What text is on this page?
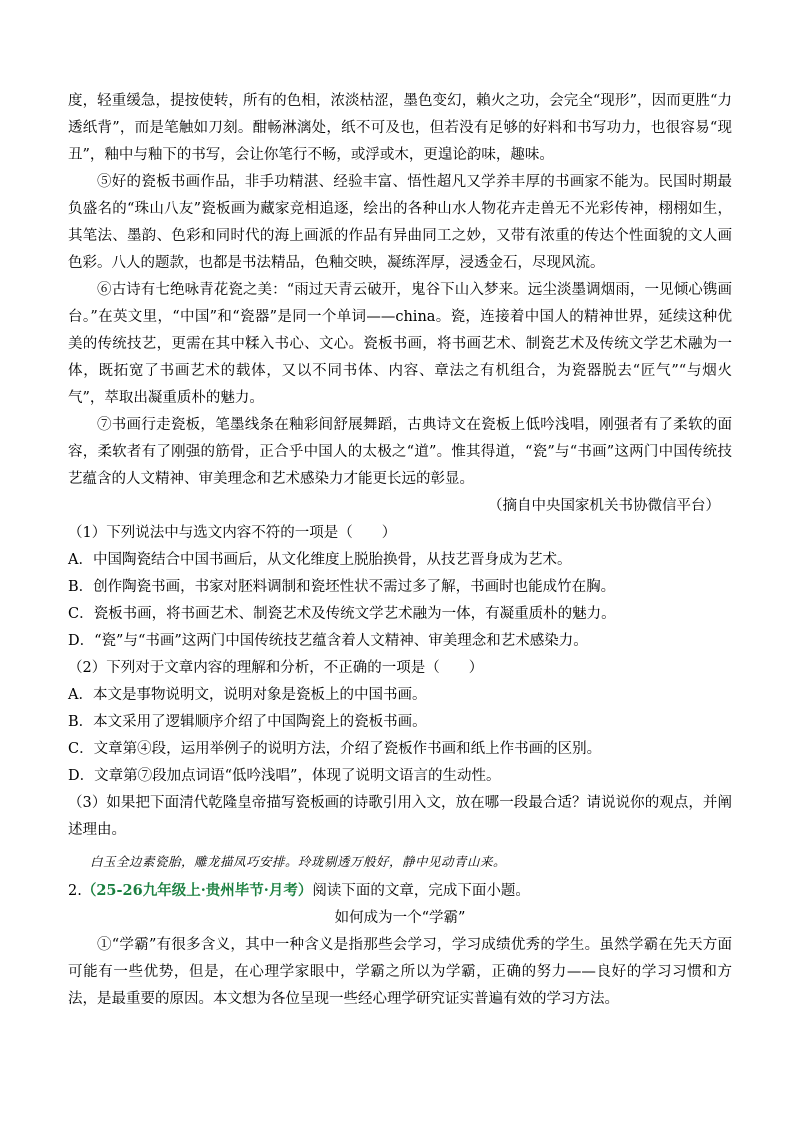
度，轻重缓急，提按使转，所有的色相，浓淡枯涩，墨色变幻，賴火之功，会完全“现形”，因而更胜“力透纸背”，而是笔触如刀刻。酣畅淋漓处，纸不可及也，但若没有足够的好料和书写功力，也很容易“现丑”，釉中与釉下的书写，会让你笔行不畅，或浮或木，更遑论韵味，趣味。

⑤好的瓷板书画作品，非手功精湛、经验丰富、悟性超凡又学养丰厚的书画家不能为。民国时期最负盛名的“珠山八友”瓷板画为藏家竞相追逐，绘出的各种山水人物花卉走兽无不光彩传神，栩栩如生，其笔法、墨韵、色彩和同时代的海上画派的作品有异曲同工之妙，又带有浓重的传达个性面貌的文人画色彩。八人的题款，也都是书法精品，色釉交映，凝练浑厚，浸透金石，尽现风流。

⑥古诗有七绝咏青花瓷之美：“雨过天青云破开，鬼谷下山入梦来。远尘淡墨调烟雨，一见倾心镌画台。”在英文里，“中国”和“瓷器”是同一个单词——china。瓷，连接着中国人的精神世界，延续这种优美的传统技艺，更需在其中糅入书心、文心。瓷板书画，将书画艺术、制瓷艺术及传统文学艺术融为一体，既拓宽了书画艺术的载体，又以不同书体、内容、章法之有机组合，为瓷器脱去“匠气”“与烟火气”，萃取出凝重质朴的魅力。

⑦书画行走瓷板，笔墨线条在釉彩间舒展舞蹈，古典诗文在瓷板上低吟浅唱，刚强者有了柔软的面容，柔软者有了刚强的筋骨，正合乎中国人的太极之“道”。惟其得道，“瓷”与“书画”这两门中国传统技艺蕴含的人文精神、审美理念和艺术感染力才能更长远的彰显。

（摘自中央国家机关书协微信平台）

（1）下列说法中与选文内容不符的一项是（　　）

A．中国陶瓷结合中国书画后，从文化维度上脱胎换骨，从技艺晋身成为艺术。

B．创作陶瓷书画，书家对胚料调制和瓷坯性状不需过多了解，书画时也能成竹在胸。

C．瓷板书画，将书画艺术、制瓷艺术及传统文学艺术融为一体，有凝重质朴的魅力。

D．“瓷”与“书画”这两门中国传统技艺蕴含着人文精神、审美理念和艺术感染力。

（2）下列对于文章内容的理解和分析，不正确的一项是（　　）

A．本文是事物说明文，说明对象是瓷板上的中国书画。

B．本文采用了逻辑顺序介绍了中国陶瓷上的瓷板书画。

C．文章第④段，运用举例子的说明方法，介绍了瓷板作书画和纸上作书画的区别。

D．文章第⑦段加点词语“低吟浅唱”，体现了说明文语言的生动性。

（3）如果把下面清代乾隆皇帝描写瓷板画的诗歌引用入文，放在哪一段最合适？请说说你的观点，并阐述理由。

白玉全边素瓷胎，雕龙描凤巧安排。玲珑剔透万般好，静中见动青山来。

2.（25-26九年级上·贵州毕节·月考）阅读下面的文章，完成下面小题。

如何成为一个“学霸”

①“学霸”有很多含义，其中一种含义是指那些会学习，学习成绩优秀的学生。虽然学霸在先天方面可能有一些优势，但是，在心理学家眼中，学霸之所以为学霸，正确的努力——良好的学习习惯和方法，是最重要的原因。本文想为各位呈现一些经心理学研究证实普遍有效的学习方法。
